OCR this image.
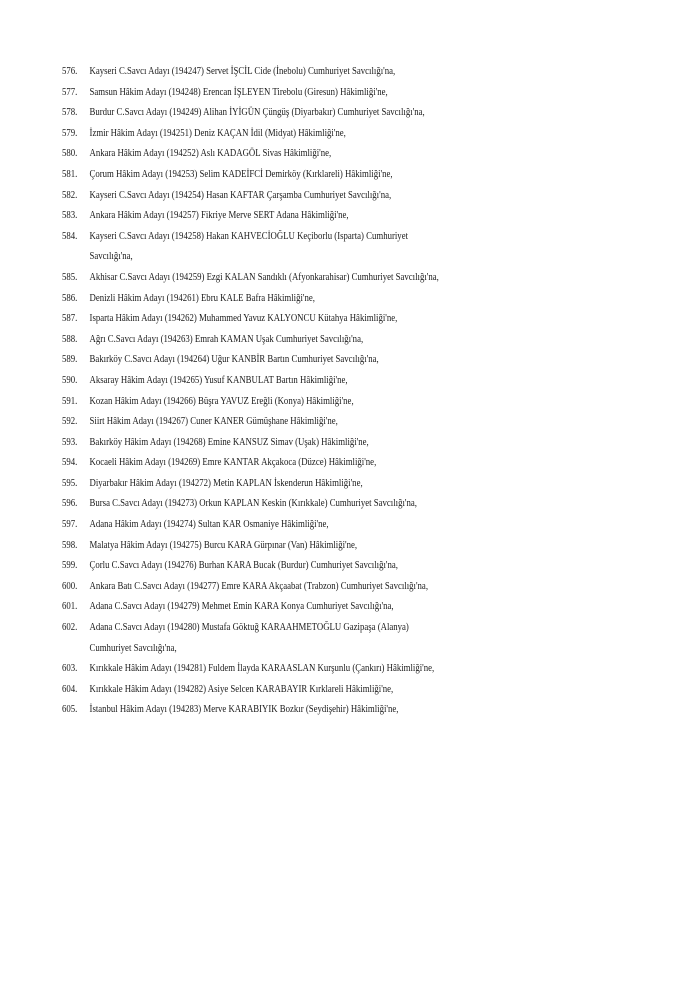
576.	Kayseri C.Savcı Adayı (194247) Servet İŞCİL Cide (İnebolu) Cumhuriyet Savcılığı'na,
577.	Samsun Hâkim Adayı (194248) Erencan İŞLEYEN Tirebolu (Giresun) Hâkimliği'ne,
578.	Burdur C.Savcı Adayı (194249) Alihan İYİGÜN Çüngüş (Diyarbakır) Cumhuriyet Savcılığı'na,
579.	İzmir Hâkim Adayı (194251) Deniz KAÇAN İdil (Midyat) Hâkimliği'ne,
580.	Ankara Hâkim Adayı (194252) Aslı KADAGÖL Sivas Hâkimliği'ne,
581.	Çorum Hâkim Adayı (194253) Selim KADEİFCİ Demirköy (Kırklareli) Hâkimliği'ne,
582.	Kayseri C.Savcı Adayı (194254) Hasan KAFTAR Çarşamba Cumhuriyet Savcılığı'na,
583.	Ankara Hâkim Adayı (194257) Fikriye Merve SERT Adana Hâkimliği'ne,
584.	Kayseri C.Savcı Adayı (194258) Hakan KAHVECİOĞLU Keçiborlu (Isparta) Cumhuriyet Savcılığı'na,
585.	Akhisar C.Savcı Adayı (194259) Ezgi KALAN Sandıklı (Afyonkarahisar) Cumhuriyet Savcılığı'na,
586.	Denizli Hâkim Adayı (194261) Ebru KALE Bafra Hâkimliği'ne,
587.	Isparta Hâkim Adayı (194262) Muhammed Yavuz KALYONCU Kütahya Hâkimliği'ne,
588.	Ağrı C.Savcı Adayı (194263) Emrah KAMAN Uşak Cumhuriyet Savcılığı'na,
589.	Bakırköy C.Savcı Adayı (194264) Uğur KANBİR Bartın Cumhuriyet Savcılığı'na,
590.	Aksaray Hâkim Adayı (194265) Yusuf KANBULAT Bartın Hâkimliği'ne,
591.	Kozan Hâkim Adayı (194266) Büşra YAVUZ Ereğli (Konya) Hâkimliği'ne,
592.	Siirt Hâkim Adayı (194267) Cuner KANER Gümüşhane Hâkimliği'ne,
593.	Bakırköy Hâkim Adayı (194268) Emine KANSUZ Simav (Uşak) Hâkimliği'ne,
594.	Kocaeli Hâkim Adayı (194269) Emre KANTAR Akçakoca (Düzce) Hâkimliği'ne,
595.	Diyarbakır Hâkim Adayı (194272) Metin KAPLAN İskenderun Hâkimliği'ne,
596.	Bursa C.Savcı Adayı (194273) Orkun KAPLAN Keskin (Kırıkkale) Cumhuriyet Savcılığı'na,
597.	Adana Hâkim Adayı (194274) Sultan KAR Osmaniye Hâkimliği'ne,
598.	Malatya Hâkim Adayı (194275) Burcu KARA Gürpınar (Van) Hâkimliği'ne,
599.	Çorlu C.Savcı Adayı (194276) Burhan KARA Bucak (Burdur) Cumhuriyet Savcılığı'na,
600.	Ankara Batı C.Savcı Adayı (194277) Emre KARA Akçaabat (Trabzon) Cumhuriyet Savcılığı'na,
601.	Adana C.Savcı Adayı (194279) Mehmet Emin KARA Konya Cumhuriyet Savcılığı'na,
602.	Adana C.Savcı Adayı (194280) Mustafa Göktuğ KARAAHMETOĞLU Gazipaşa (Alanya) Cumhuriyet Savcılığı'na,
603.	Kırıkkale Hâkim Adayı (194281) Fuldem İlayda KARAASLAN Kurşunlu (Çankırı) Hâkimliği'ne,
604.	Kırıkkale Hâkim Adayı (194282) Asiye Selcen KARABAYIR Kırklareli Hâkimliği'ne,
605.	İstanbul Hâkim Adayı (194283) Merve KARABIYIK Bozkır (Seydişehir) Hâkimliği'ne,
